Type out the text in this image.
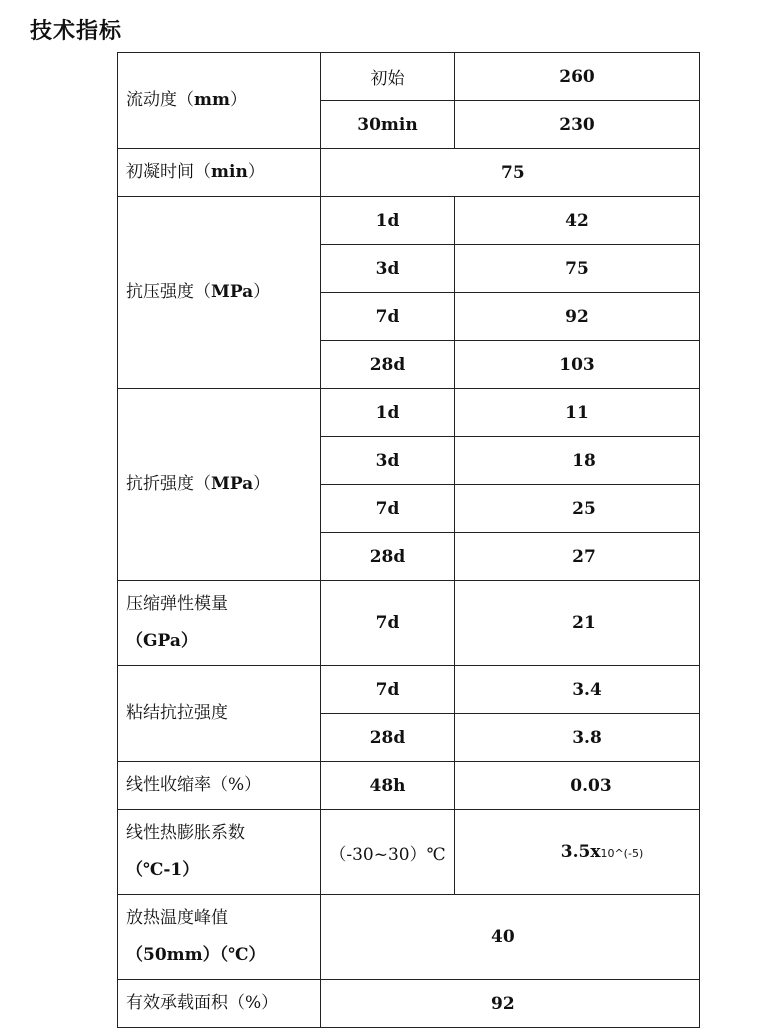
技术指标
流动度（mm）	初始	260
	30min	230
初凝时间（min）	75	
抗压强度（MPa）	1d	42
	3d	75
	7d	92
	28d	103
抗折强度（MPa）	1d	11
	3d	18
	7d	25
	28d	27
压缩弹性模量
（GPa）	7d	21
粘结抗拉强度	7d	3.4
	28d	3.8
线性收缩率（%）	48h	0.03
线性热膨胀系数
（℃-1）	（-30~30）℃	3.5x10^(-5)
放热温度峰值
（50mm）（℃）	40	
有效承载面积（%）	92	
